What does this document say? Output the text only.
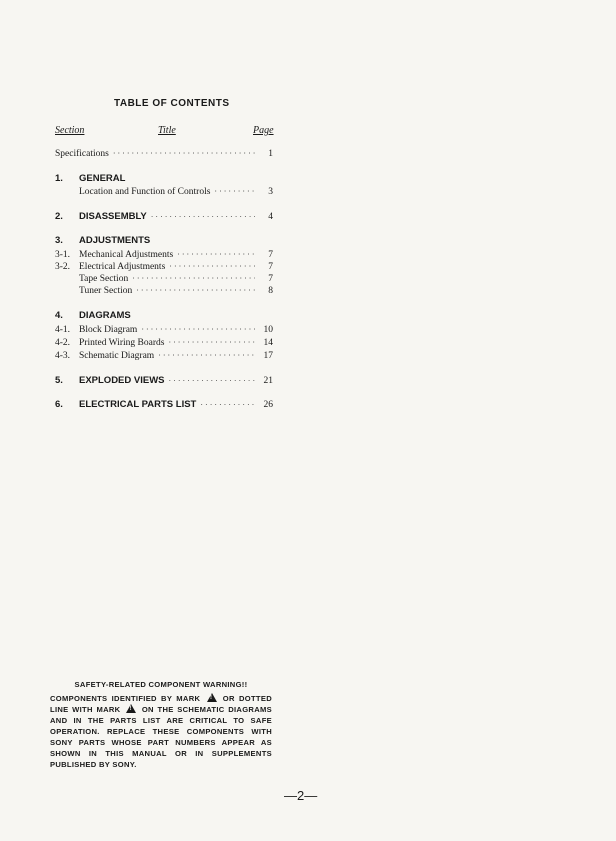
TABLE OF CONTENTS
Section	Title	Page
Specifications ·····	1
1.	GENERAL
Location and Function of Controls ·····	3
2.	DISASSEMBLY ·····	4
3.	ADJUSTMENTS
3-1. Mechanical Adjustments ·····	7
3-2. Electrical Adjustments ·····	7
Tape Section ·····	7
Tuner Section ·····	8
4.	DIAGRAMS
4-1. Block Diagram ·····	10
4-2. Printed Wiring Boards ·····	14
4-3. Schematic Diagram ·····	17
5.	EXPLODED VIEWS ·····	21
6.	ELECTRICAL PARTS LIST ·····	26
SAFETY-RELATED COMPONENT WARNING!!
COMPONENTS IDENTIFIED BY MARK !	OR DOTTED LINE WITH MARK !	ON THE SCHEMATIC DIAGRAMS AND IN THE PARTS LIST ARE CRITICAL TO SAFE OPERATION. REPLACE THESE COMPONENTS WITH SONY PARTS WHOSE PART NUMBERS APPEAR AS SHOWN IN THIS MANUAL OR IN SUPPLEMENTS PUBLISHED BY SONY.
—2—
